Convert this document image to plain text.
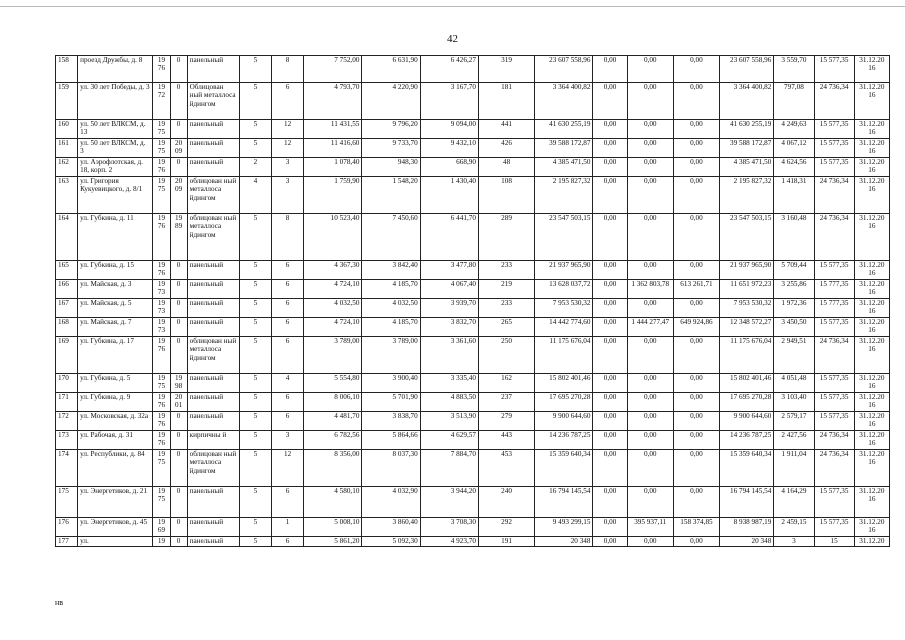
42
158	проезд Дружбы, д. 8	19 76	0	панельный	5	8	7 752,00	6 631,90	6 426,27	319	23 607 558,96	0,00	0,00	0,00	23 607 558,96	3 559,70	15 577,35	31.12.20 16
159	ул. 30 лет Победы, д. 3	19 72	0	Облицован ный металлоса йдингом	5	6	4 793,70	4 220,90	3 167,70	181	3 364 400,82	0,00	0,00	0,00	3 364 400,82	797,08	24 736,34	31.12.20 16
160	ул. 50 лет ВЛКСМ, д. 13	19 75	0	панельный	5	12	11 431,55	9 796,20	9 094,00	441	41 630 255,19	0,00	0,00	0,00	41 630 255,19	4 249,63	15 577,35	31.12.20 16
161	ул. 50 лет ВЛКСМ, д. 3	19 75	20 09	панельный	5	12	11 416,60	9 733,70	9 432,10	426	39 588 172,87	0,00	0,00	0,00	39 588 172,87	4 067,12	15 577,35	31.12.20 16
162	ул. Аэрофлотская, д. 18, корп. 2	19 76	0	панельный	2	3	1 078,40	948,30	668,90	48	4 385 471,50	0,00	0,00	0,00	4 385 471,50	4 624,56	15 577,35	31.12.20 16
163	ул. Григория Кукуевицкого, д. 8/1	19 75	20 09	облицован ный металлоса йдингом	4	3	1 759,90	1 548,20	1 430,40	108	2 195 827,32	0,00	0,00	0,00	2 195 827,32	1 418,31	24 736,34	31.12.20 16
164	ул. Губкина, д. 11	19 76	19 89	облицован ный металлоса йдингом	5	8	10 523,40	7 450,60	6 441,70	289	23 547 503,15	0,00	0,00	0,00	23 547 503,15	3 160,48	24 736,34	31.12.20 16
165	ул. Губкина, д. 15	19 76	0	панельный	5	6	4 367,30	3 842,40	3 477,80	233	21 937 965,90	0,00	0,00	0,00	21 937 965,90	5 709,44	15 577,35	31.12.20 16
166	ул. Майская, д. 3	19 73	0	панельный	5	6	4 724,10	4 185,70	4 067,40	219	13 628 037,72	0,00	1 362 803,78	613 261,71	11 651 972,23	3 255,86	15 777,35	31.12.20 16
167	ул. Майская, д. 5	19 73	0	панельный	5	6	4 032,50	4 032,50	3 939,70	233	7 953 530,32	0,00	0,00	0,00	7 953 530,32	1 972,36	15 777,35	31.12.20 16
168	ул. Майская, д. 7	19 73	0	панельный	5	6	4 724,10	4 185,70	3 832,70	265	14 442 774,60	0,00	1 444 277,47	649 924,86	12 348 572,27	3 450,50	15 577,35	31.12.20 16
169	ул. Губкина, д. 17	19 76	0	облицован ный металлоса йдингом	5	6	3 789,00	3 789,00	3 361,60	250	11 175 676,04	0,00	0,00	0,00	11 175 676,04	2 949,51	24 736,34	31.12.20 16
170	ул. Губкина, д. 5	19 75	19 98	панельный	5	4	5 554,80	3 900,40	3 335,40	162	15 802 401,46	0,00	0,00	0,00	15 802 401,46	4 051,48	15 577,35	31.12.20 16
171	ул. Губкина, д. 9	19 76	20 01	панельный	5	6	8 006,10	5 701,90	4 883,50	237	17 695 270,28	0,00	0,00	0,00	17 695 270,28	3 103,40	15 577,35	31.12.20 16
172	ул. Московская, д. 32а	19 76	0	панельный	5	6	4 481,70	3 838,70	3 513,90	279	9 900 644,60	0,00	0,00	0,00	9 900 644,60	2 579,17	15 577,35	31.12.20 16
173	ул. Рабочая, д. 31	19 76	0	кирпичны й	5	3	6 782,56	5 864,66	4 629,57	443	14 236 787,25	0,00	0,00	0,00	14 236 787,25	2 427,56	24 736,34	31.12.20 16
174	ул. Республики, д. 84	19 75	0	облицован ный металлоса йдингом	5	12	8 356,00	8 037,30	7 884,70	453	15 359 640,34	0,00	0,00	0,00	15 359 640,34	1 911,04	24 736,34	31.12.20 16
175	ул. Энергетиков, д. 21	19 75	0	панельный	5	6	4 580,10	4 032,90	3 944,20	240	16 794 145,54	0,00	0,00	0,00	16 794 145,54	4 164,29	15 577,35	31.12.20 16
176	ул. Энергетиков, д. 45	19 69	0	панельный	5	1	5 008,10	3 860,40	3 708,30	292	9 493 299,15	0,00	395 937,11	158 374,85	8 938 987,19	2 459,15	15 577,35	31.12.20 16
177	ул.	19	0	панельный	5	6	5 861,20	5 092,30	4 923,70	191	20 348	0,00	0,00	0,00	20 348	3	15	31.12.20
нв
